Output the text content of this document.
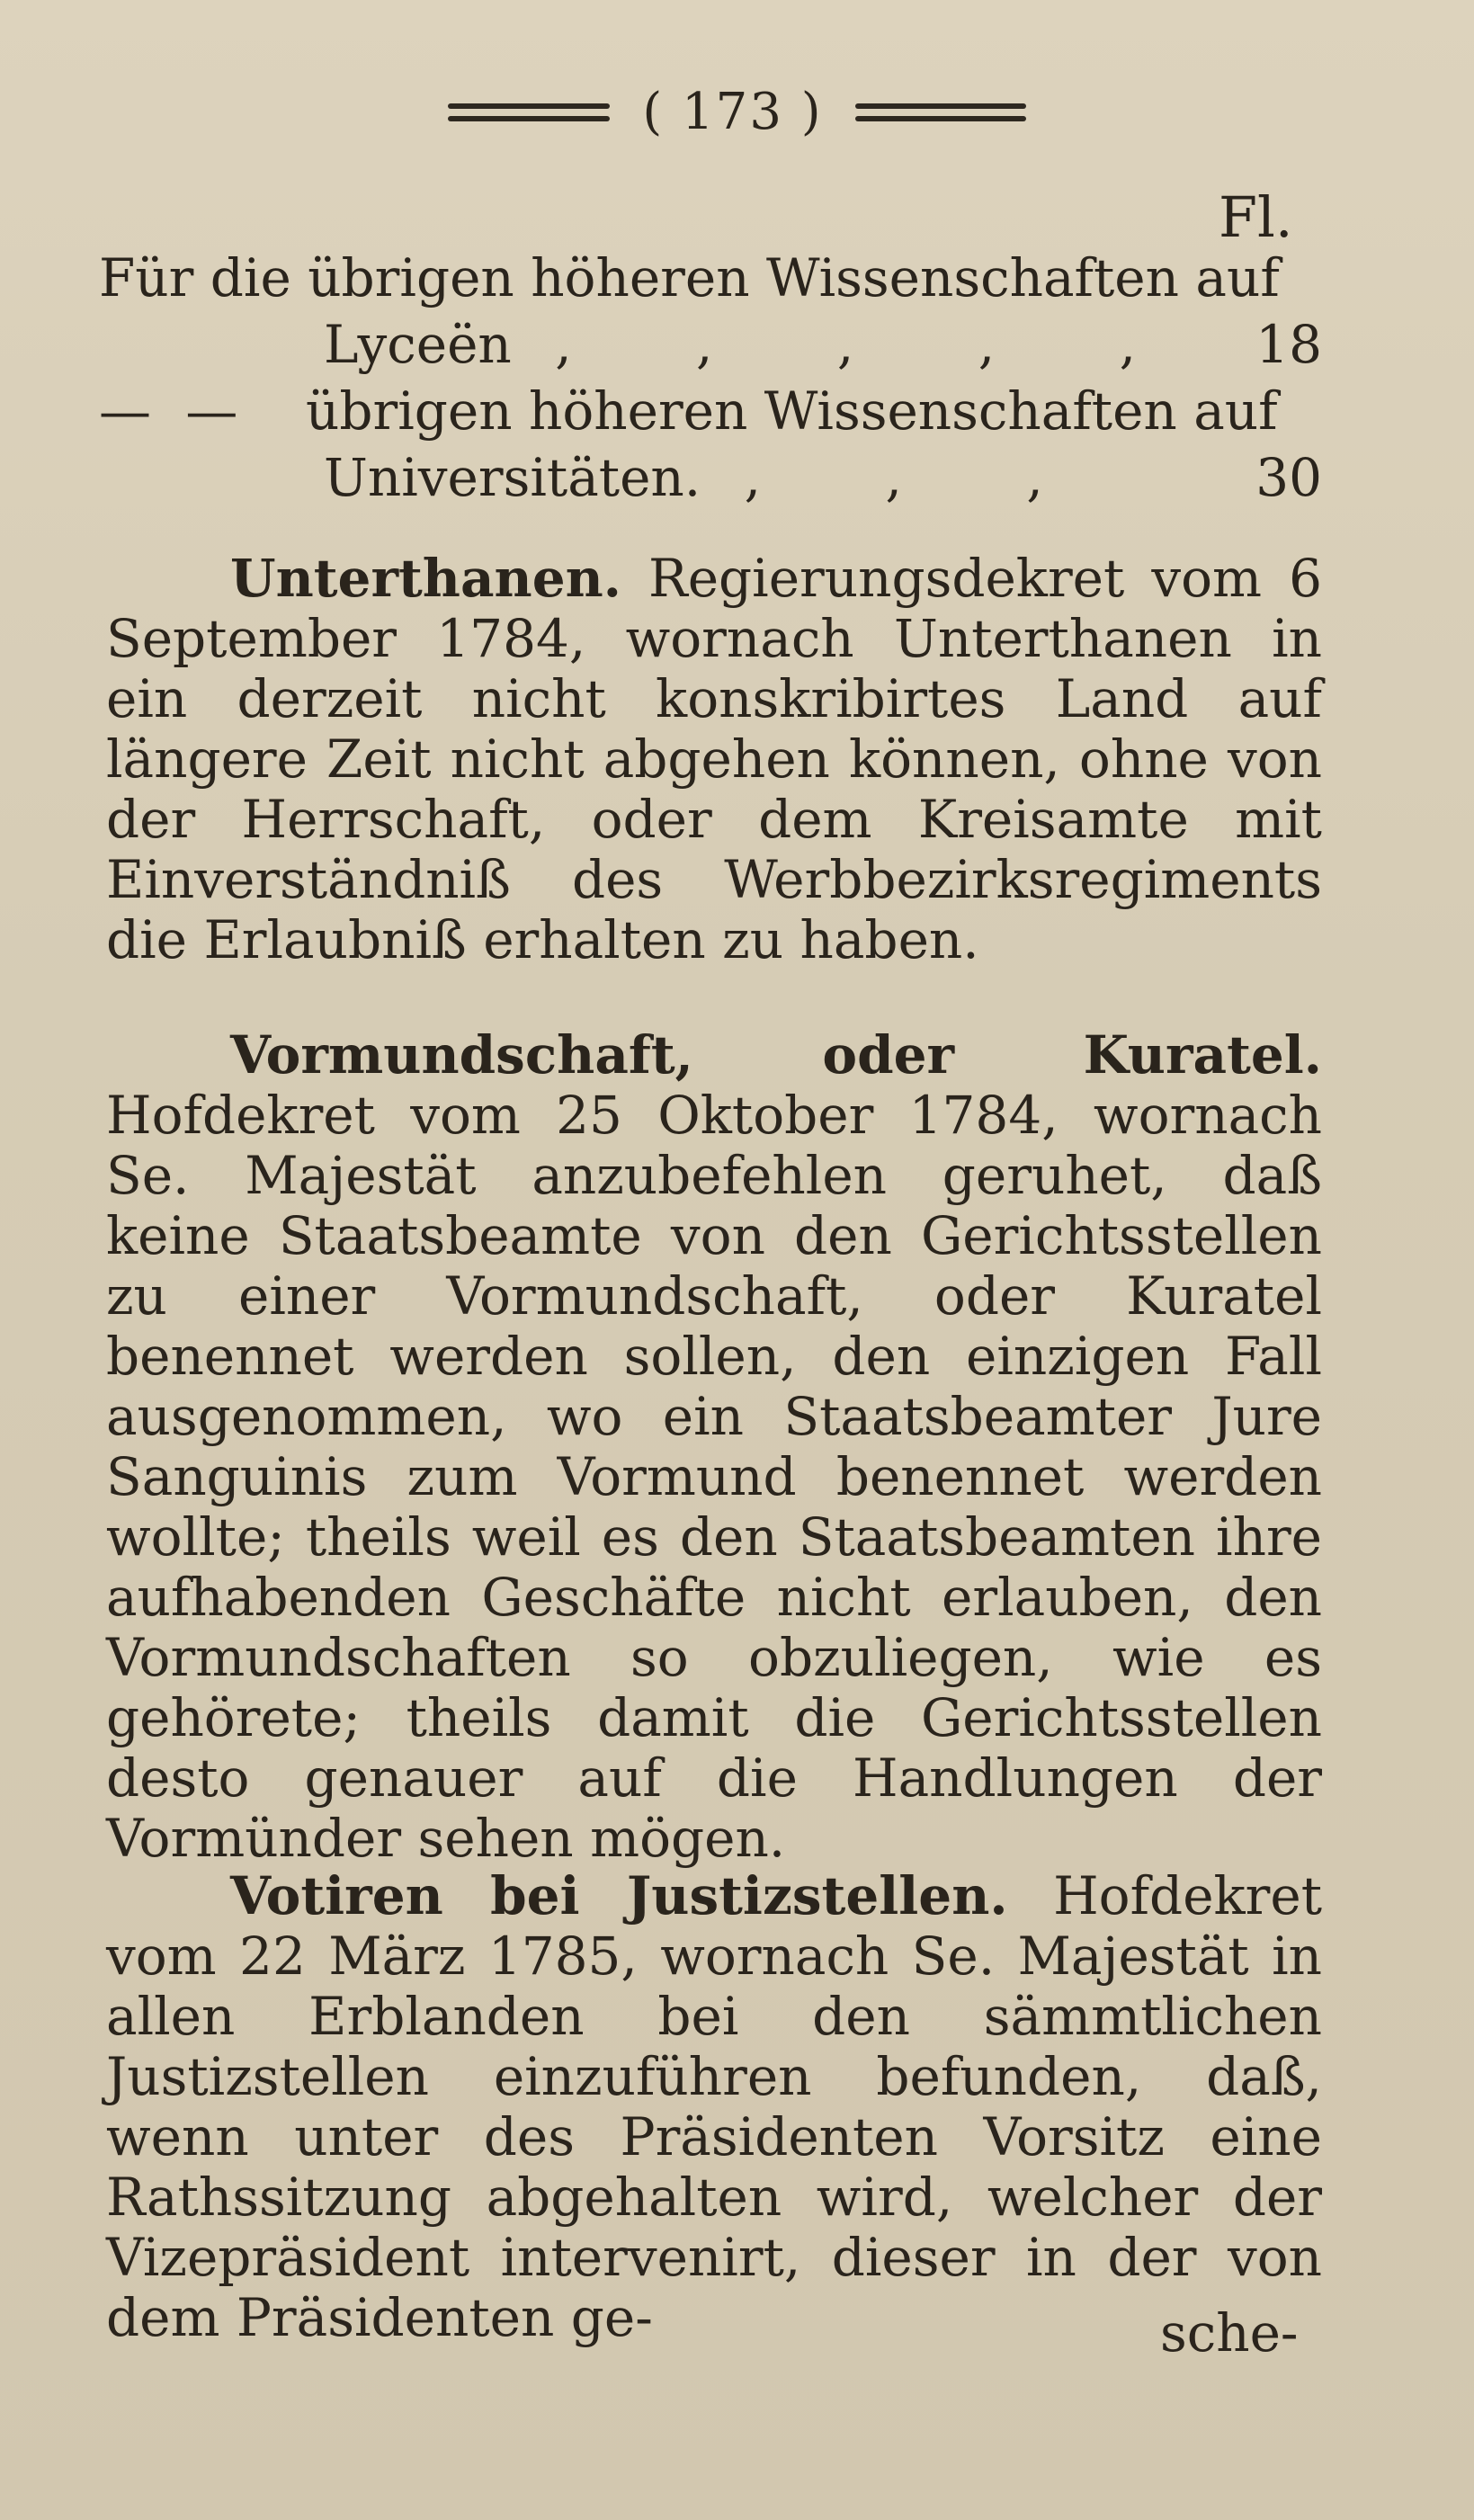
( 173 )
Fl.
Für die übrigen höheren Wissenschaften auf
Lyceën , , , , , 18
— — übrigen höheren Wissenschaften auf
Universitäten. , , ,	30
Unterthanen. Regierungsdekret vom 6 September 1784, wornach Unterthanen in ein derzeit nicht konskribirtes Land auf längere Zeit nicht abgehen können, ohne von der Herrschaft, oder dem Kreisamte mit Einverständniß des Werbbezirksregiments die Erlaubniß erhalten zu haben.
Vormundschaft, oder Kuratel. Hofdekret vom 25 Oktober 1784, wornach Se. Majestät anzubefehlen geruhet, daß keine Staatsbeamte von den Gerichtsstellen zu einer Vormundschaft, oder Kuratel benennet werden sollen, den einzigen Fall ausgenommen, wo ein Staatsbeamter Jure Sanguinis zum Vormund benennet werden wollte; theils weil es den Staatsbeamten ihre aufhabenden Geschäfte nicht erlauben, den Vormundschaften so obzuliegen, wie es gehörete; theils damit die Gerichtsstellen desto genauer auf die Handlungen der Vormünder sehen mögen.
Votiren bei Justizstellen. Hofdekret vom 22 März 1785, wornach Se. Majestät in allen Erblanden bei den sämmtlichen Justizstellen einzuführen befunden, daß, wenn unter des Präsidenten Vorsitz eine Rathssitzung abgehalten wird, welcher der Vizepräsident intervenirt, dieser in der von dem Präsidenten ge-	sche-
